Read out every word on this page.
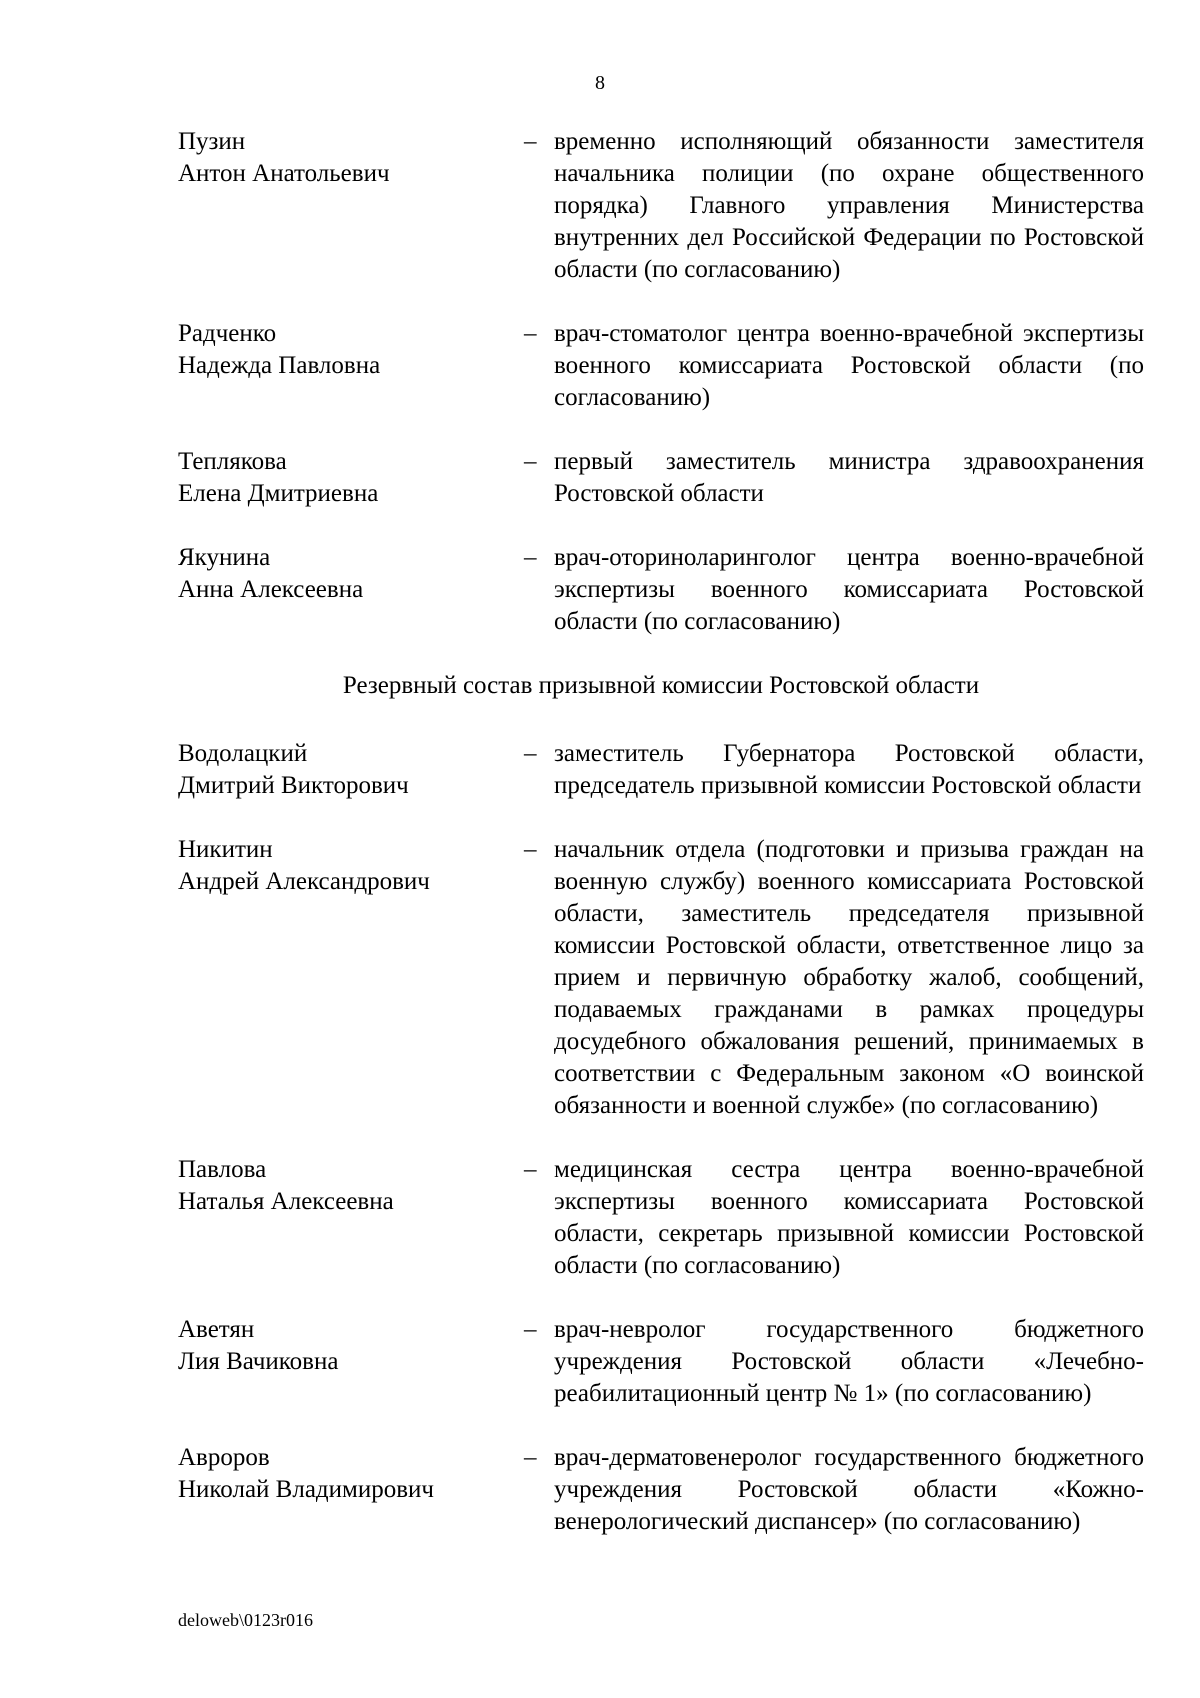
8
Пузин
Антон Анатольевич
– временно исполняющий обязанности заместителя начальника полиции (по охране общественного порядка) Главного управления Министерства внутренних дел Российской Федерации по Ростовской области (по согласованию)
Радченко
Надежда Павловна
– врач-стоматолог центра военно-врачебной экспертизы военного комиссариата Ростовской области (по согласованию)
Теплякова
Елена Дмитриевна
– первый заместитель министра здравоохранения Ростовской области
Якунина
Анна Алексеевна
– врач-оториноларинголог центра военно-врачебной экспертизы военного комиссариата Ростовской области (по согласованию)
Резервный состав призывной комиссии Ростовской области
Водолацкий
Дмитрий Викторович
– заместитель Губернатора Ростовской области, председатель призывной комиссии Ростовской области
Никитин
Андрей Александрович
– начальник отдела (подготовки и призыва граждан на военную службу) военного комиссариата Ростовской области, заместитель председателя призывной комиссии Ростовской области, ответственное лицо за прием и первичную обработку жалоб, сообщений, подаваемых гражданами в рамках процедуры досудебного обжалования решений, принимаемых в соответствии с Федеральным законом «О воинской обязанности и военной службе» (по согласованию)
Павлова
Наталья Алексеевна
– медицинская сестра центра военно-врачебной экспертизы военного комиссариата Ростовской области, секретарь призывной комиссии Ростовской области (по согласованию)
Аветян
Лия Вачиковна
– врач-невролог государственного бюджетного учреждения Ростовской области «Лечебно-реабилитационный центр № 1» (по согласованию)
Авроров
Николай Владимирович
– врач-дерматовенеролог государственного бюджетного учреждения Ростовской области «Кожно-венерологический диспансер» (по согласованию)
deloweb\0123r016
